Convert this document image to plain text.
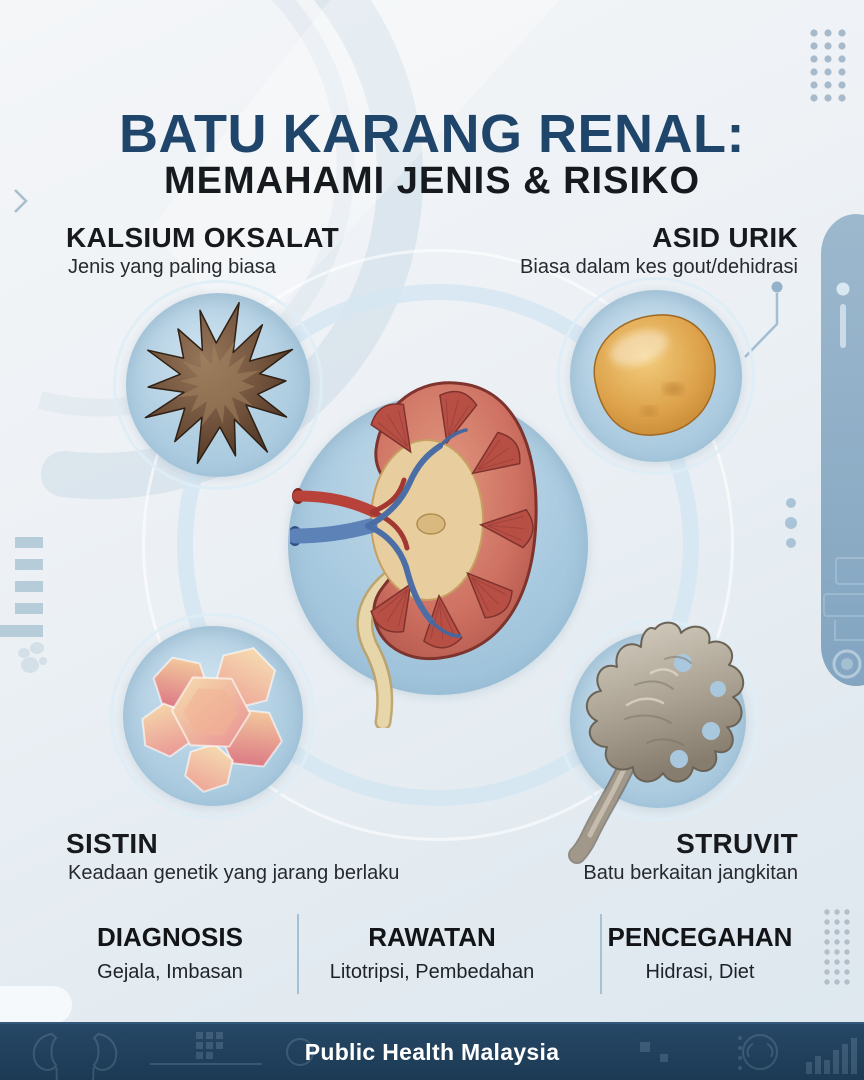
BATU KARANG RENAL:
MEMAHAMI JENIS & RISIKO
KALSIUM OKSALAT
Jenis yang paling biasa
ASID URIK
Biasa dalam kes gout/dehidrasi
SISTIN
Keadaan genetik yang jarang berlaku
STRUVIT
Batu berkaitan jangkitan
DIAGNOSIS
Gejala, Imbasan
RAWATAN
Litotripsi, Pembedahan
PENCEGAHAN
Hidrasi, Diet
Public Health Malaysia
